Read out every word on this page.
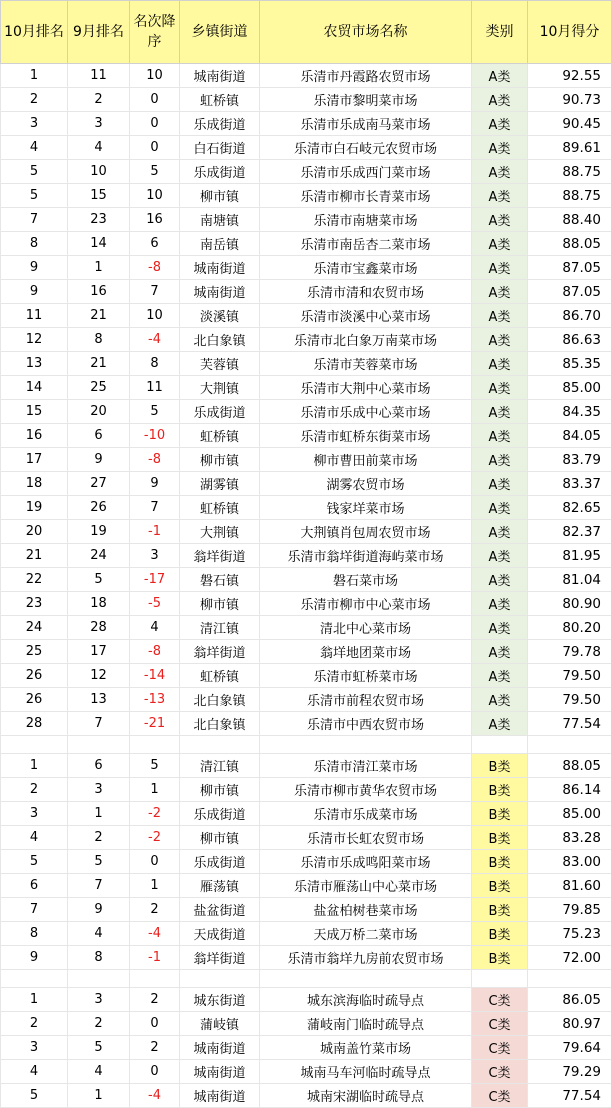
10月排名	9月排名	名次降序	乡镇街道	农贸市场名称	类别	10月得分
1	11	10	城南街道	乐清市丹霞路农贸市场	A类	92.55
2	2	0	虹桥镇	乐清市黎明菜市场	A类	90.73
3	3	0	乐成街道	乐清市乐成南马菜市场	A类	90.45
4	4	0	白石街道	乐清市白石岐元农贸市场	A类	89.61
5	10	5	乐成街道	乐清市乐成西门菜市场	A类	88.75
5	15	10	柳市镇	乐清市柳市长青菜市场	A类	88.75
7	23	16	南塘镇	乐清市南塘菜市场	A类	88.40
8	14	6	南岳镇	乐清市南岳杏二菜市场	A类	88.05
9	1	-8	城南街道	乐清市宝鑫菜市场	A类	87.05
9	16	7	城南街道	乐清市清和农贸市场	A类	87.05
11	21	10	淡溪镇	乐清市淡溪中心菜市场	A类	86.70
12	8	-4	北白象镇	乐清市北白象万南菜市场	A类	86.63
13	21	8	芙蓉镇	乐清市芙蓉菜市场	A类	85.35
14	25	11	大荆镇	乐清市大荆中心菜市场	A类	85.00
15	20	5	乐成街道	乐清市乐成中心菜市场	A类	84.35
16	6	-10	虹桥镇	乐清市虹桥东街菜市场	A类	84.05
17	9	-8	柳市镇	柳市曹田前菜市场	A类	83.79
18	27	9	湖雾镇	湖雾农贸市场	A类	83.37
19	26	7	虹桥镇	钱家垟菜市场	A类	82.65
20	19	-1	大荆镇	大荆镇肖包周农贸市场	A类	82.37
21	24	3	翁垟街道	乐清市翁垟街道海屿菜市场	A类	81.95
22	5	-17	磐石镇	磐石菜市场	A类	81.04
23	18	-5	柳市镇	乐清市柳市中心菜市场	A类	80.90
24	28	4	清江镇	清北中心菜市场	A类	80.20
25	17	-8	翁垟街道	翁垟地团菜市场	A类	79.78
26	12	-14	虹桥镇	乐清市虹桥菜市场	A类	79.50
26	13	-13	北白象镇	乐清市前程农贸市场	A类	79.50
28	7	-21	北白象镇	乐清市中西农贸市场	A类	77.54

1	6	5	清江镇	乐清市清江菜市场	B类	88.05
2	3	1	柳市镇	乐清市柳市黄华农贸市场	B类	86.14
3	1	-2	乐成街道	乐清市乐成菜市场	B类	85.00
4	2	-2	柳市镇	乐清市长虹农贸市场	B类	83.28
5	5	0	乐成街道	乐清市乐成鸣阳菜市场	B类	83.00
6	7	1	雁荡镇	乐清市雁荡山中心菜市场	B类	81.60
7	9	2	盐盆街道	盐盆柏树巷菜市场	B类	79.85
8	4	-4	天成街道	天成万桥二菜市场	B类	75.23
9	8	-1	翁垟街道	乐清市翁垟九房前农贸市场	B类	72.00

1	3	2	城东街道	城东滨海临时疏导点	C类	86.05
2	2	0	蒲岐镇	蒲岐南门临时疏导点	C类	80.97
3	5	2	城南街道	城南盖竹菜市场	C类	79.64
4	4	0	城南街道	城南马车河临时疏导点	C类	79.29
5	1	-4	城南街道	城南宋湖临时疏导点	C类	77.54
